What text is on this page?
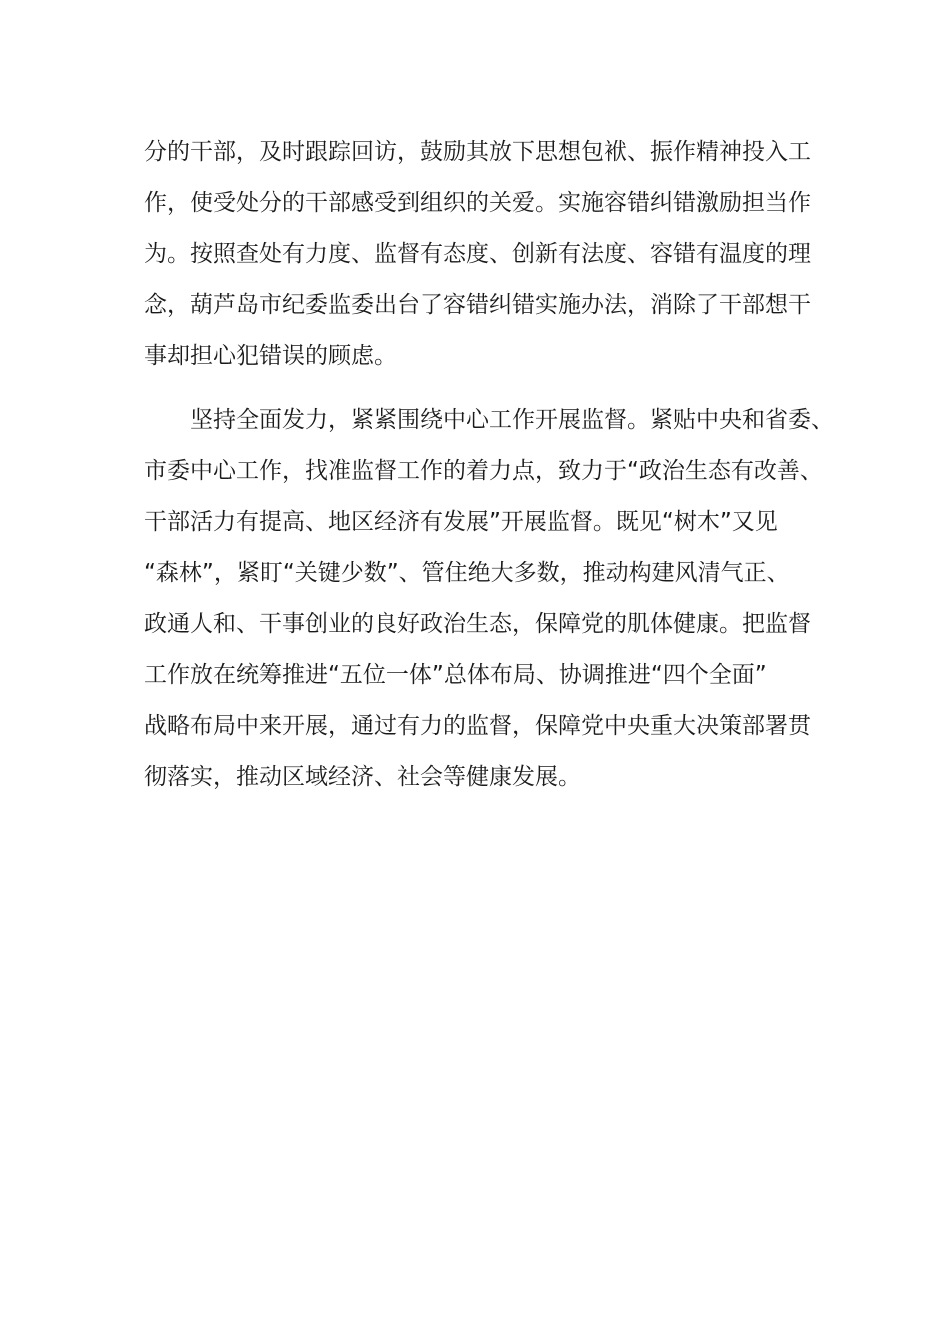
分的干部，及时跟踪回访，鼓励其放下思想包袱、振作精神投入工
作，使受处分的干部感受到组织的关爱。实施容错纠错激励担当作
为。按照查处有力度、监督有态度、创新有法度、容错有温度的理
念，葫芦岛市纪委监委出台了容错纠错实施办法，消除了干部想干
事却担心犯错误的顾虑。
坚持全面发力，紧紧围绕中心工作开展监督。紧贴中央和省委、
市委中心工作，找准监督工作的着力点，致力于“政治生态有改善、
干部活力有提高、地区经济有发展”开展监督。既见“树木”又见
“森林”，紧盯“关键少数”、管住绝大多数，推动构建风清气正、
政通人和、干事创业的良好政治生态，保障党的肌体健康。把监督
工作放在统筹推进“五位一体”总体布局、协调推进“四个全面”
战略布局中来开展，通过有力的监督，保障党中央重大决策部署贯
彻落实，推动区域经济、社会等健康发展。
